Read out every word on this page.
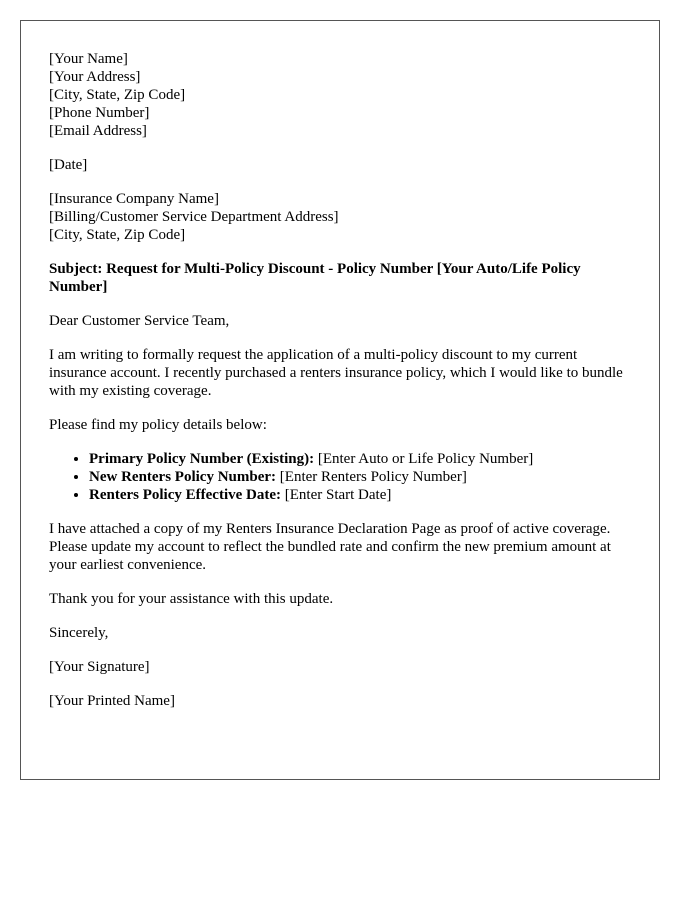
[Your Name]
[Your Address]
[City, State, Zip Code]
[Phone Number]
[Email Address]
[Date]
[Insurance Company Name]
[Billing/Customer Service Department Address]
[City, State, Zip Code]
Subject: Request for Multi-Policy Discount - Policy Number [Your Auto/Life Policy Number]

Dear Customer Service Team,

I am writing to formally request the application of a multi-policy discount to my current insurance account. I recently purchased a renters insurance policy, which I would like to bundle with my existing coverage.

Please find my policy details below:

• Primary Policy Number (Existing): [Enter Auto or Life Policy Number]
• New Renters Policy Number: [Enter Renters Policy Number]
• Renters Policy Effective Date: [Enter Start Date]

I have attached a copy of my Renters Insurance Declaration Page as proof of active coverage. Please update my account to reflect the bundled rate and confirm the new premium amount at your earliest convenience.

Thank you for your assistance with this update.

Sincerely,

[Your Signature]

[Your Printed Name]
